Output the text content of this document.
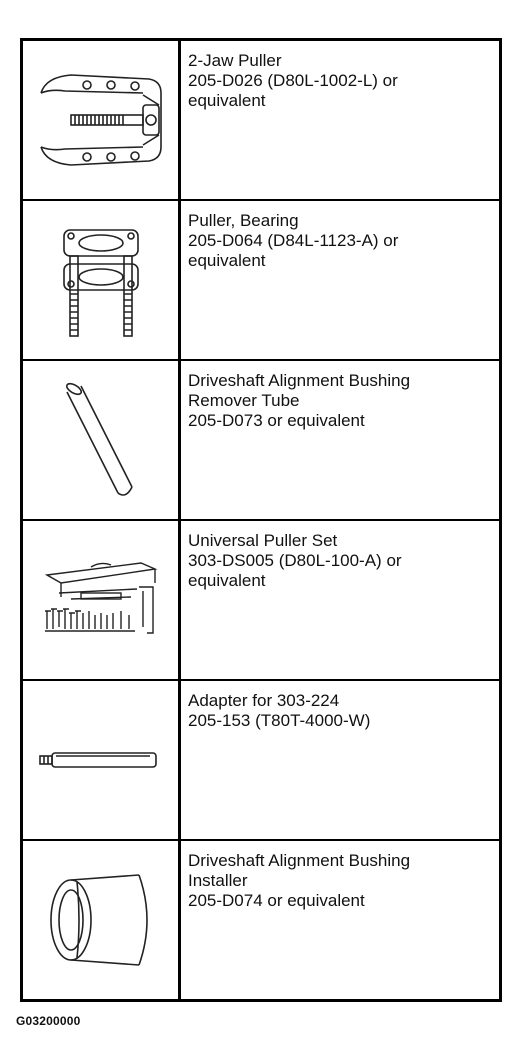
2-Jaw Puller
205-D026 (D80L-1002-L) or
equivalent
Puller, Bearing
205-D064 (D84L-1123-A) or
equivalent
Driveshaft Alignment Bushing
Remover Tube
205-D073 or equivalent
Universal Puller Set
303-DS005 (D80L-100-A) or
equivalent
Adapter for 303-224
205-153 (T80T-4000-W)
Driveshaft Alignment Bushing
Installer
205-D074 or equivalent
G03200000
